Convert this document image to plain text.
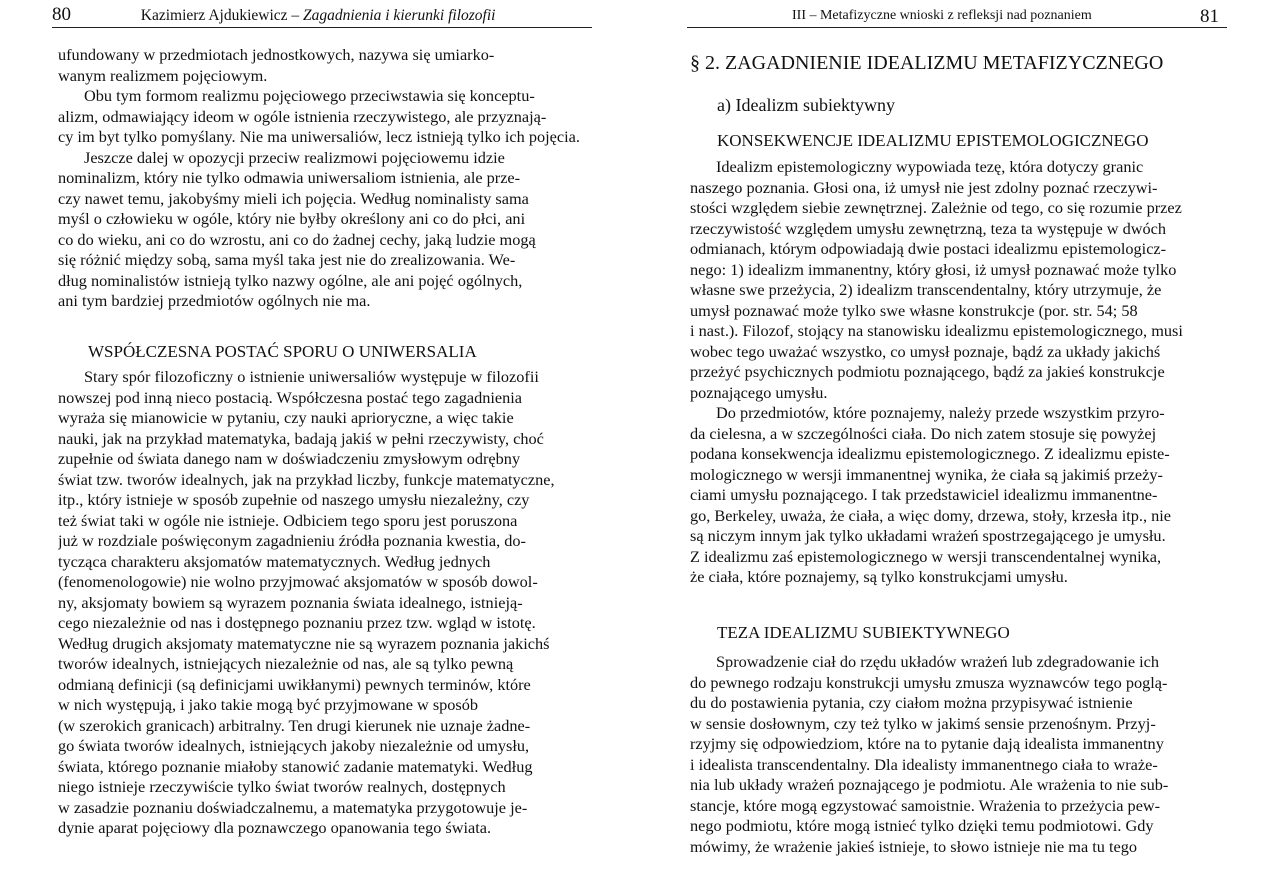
80	Kazimierz Ajdukiewicz – Zagadnienia i kierunki filozofii
ufundowany w przedmiotach jednostkowych, nazywa się umiarko-
wanym realizmem pojęciowym.
Obu tym formom realizmu pojęciowego przeciwstawia się konceptu-
alizm, odmawiający ideom w ogóle istnienia rzeczywistego, ale przyznają-
cy im byt tylko pomyślany. Nie ma uniwersaliów, lecz istnieją tylko ich pojęcia.
Jeszcze dalej w opozycji przeciw realizmowi pojęciowemu idzie
nominalizm, który nie tylko odmawia uniwersaliom istnienia, ale prze-
czy nawet temu, jakobyśmy mieli ich pojęcia. Według nominalisty sama
myśl o człowieku w ogóle, który nie byłby określony ani co do płci, ani
co do wieku, ani co do wzrostu, ani co do żadnej cechy, jaką ludzie mogą
się różnić między sobą, sama myśl taka jest nie do zrealizowania. We-
dług nominalistów istnieją tylko nazwy ogólne, ale ani pojęć ogólnych,
ani tym bardziej przedmiotów ogólnych nie ma.
WSPÓŁCZESNA POSTAĆ SPORU O UNIWERSALIA
Stary spór filozoficzny o istnienie uniwersaliów występuje w filozofii
nowszej pod inną nieco postacią. Współczesna postać tego zagadnienia
wyraża się mianowicie w pytaniu, czy nauki aprioryczne, a więc takie
nauki, jak na przykład matematyka, badają jakiś w pełni rzeczywisty, choć
zupełnie od świata danego nam w doświadczeniu zmysłowym odrębny
świat tzw. tworów idealnych, jak na przykład liczby, funkcje matematyczne,
itp., który istnieje w sposób zupełnie od naszego umysłu niezależny, czy
też świat taki w ogóle nie istnieje. Odbiciem tego sporu jest poruszona
już w rozdziale poświęconym zagadnieniu źródła poznania kwestia, do-
tycząca charakteru aksjomatów matematycznych. Według jednych
(fenomenologowie) nie wolno przyjmować aksjomatów w sposób dowol-
ny, aksjomaty bowiem są wyrazem poznania świata idealnego, istnieją-
cego niezależnie od nas i dostępnego poznaniu przez tzw. wgląd w istotę.
Według drugich aksjomaty matematyczne nie są wyrazem poznania jakichś
tworów idealnych, istniejących niezależnie od nas, ale są tylko pewną
odmianą definicji (są definicjami uwikłanymi) pewnych terminów, które
w nich występują, i jako takie mogą być przyjmowane w sposób
(w szerokich granicach) arbitralny. Ten drugi kierunek nie uznaje żadne-
go świata tworów idealnych, istniejących jakoby niezależnie od umysłu,
świata, którego poznanie miałoby stanowić zadanie matematyki. Według
niego istnieje rzeczywiście tylko świat tworów realnych, dostępnych
w zasadzie poznaniu doświadczalnemu, a matematyka przygotowuje je-
dynie aparat pojęciowy dla poznawczego opanowania tego świata.
III – Metafizyczne wnioski z refleksji nad poznaniem	81
§ 2. ZAGADNIENIE IDEALIZMU METAFIZYCZNEGO
a) Idealizm subiektywny
KONSEKWENCJE IDEALIZMU EPISTEMOLOGICZNEGO
Idealizm epistemologiczny wypowiada tezę, która dotyczy granic
naszego poznania. Głosi ona, iż umysł nie jest zdolny poznać rzeczywi-
stości względem siebie zewnętrznej. Zależnie od tego, co się rozumie przez
rzeczywistość względem umysłu zewnętrzną, teza ta występuje w dwóch
odmianach, którym odpowiadają dwie postaci idealizmu epistemologicz-
nego: 1) idealizm immanentny, który głosi, iż umysł poznawać może tylko
własne swe przeżycia, 2) idealizm transcendentalny, który utrzymuje, że
umysł poznawać może tylko swe własne konstrukcje (por. str. 54; 58
i nast.). Filozof, stojący na stanowisku idealizmu epistemologicznego, musi
wobec tego uważać wszystko, co umysł poznaje, bądź za układy jakichś
przeżyć psychicznych podmiotu poznającego, bądź za jakieś konstrukcje
poznającego umysłu.
Do przedmiotów, które poznajemy, należy przede wszystkim przyro-
da cielesna, a w szczególności ciała. Do nich zatem stosuje się powyżej
podana konsekwencja idealizmu epistemologicznego. Z idealizmu episte-
mologicznego w wersji immanentnej wynika, że ciała są jakimiś przeży-
ciami umysłu poznającego. I tak przedstawiciel idealizmu immanentne-
go, Berkeley, uważa, że ciała, a więc domy, drzewa, stoły, krzesła itp., nie
są niczym innym jak tylko układami wrażeń spostrzegającego je umysłu.
Z idealizmu zaś epistemologicznego w wersji transcendentalnej wynika,
że ciała, które poznajemy, są tylko konstrukcjami umysłu.
TEZA IDEALIZMU SUBIEKTYWNEGO
Sprowadzenie ciał do rzędu układów wrażeń lub zdegradowanie ich
do pewnego rodzaju konstrukcji umysłu zmusza wyznawców tego poglą-
du do postawienia pytania, czy ciałom można przypisywać istnienie
w sensie dosłownym, czy też tylko w jakimś sensie przenośnym. Przyj-
rzyjmy się odpowiedziom, które na to pytanie dają idealista immanentny
i idealista transcendentalny. Dla idealisty immanentnego ciała to wraże-
nia lub układy wrażeń poznającego je podmiotu. Ale wrażenia to nie sub-
stancje, które mogą egzystować samoistnie. Wrażenia to przeżycia pew-
nego podmiotu, które mogą istnieć tylko dzięki temu podmiotowi. Gdy
mówimy, że wrażenie jakieś istnieje, to słowo istnieje nie ma tu tego
